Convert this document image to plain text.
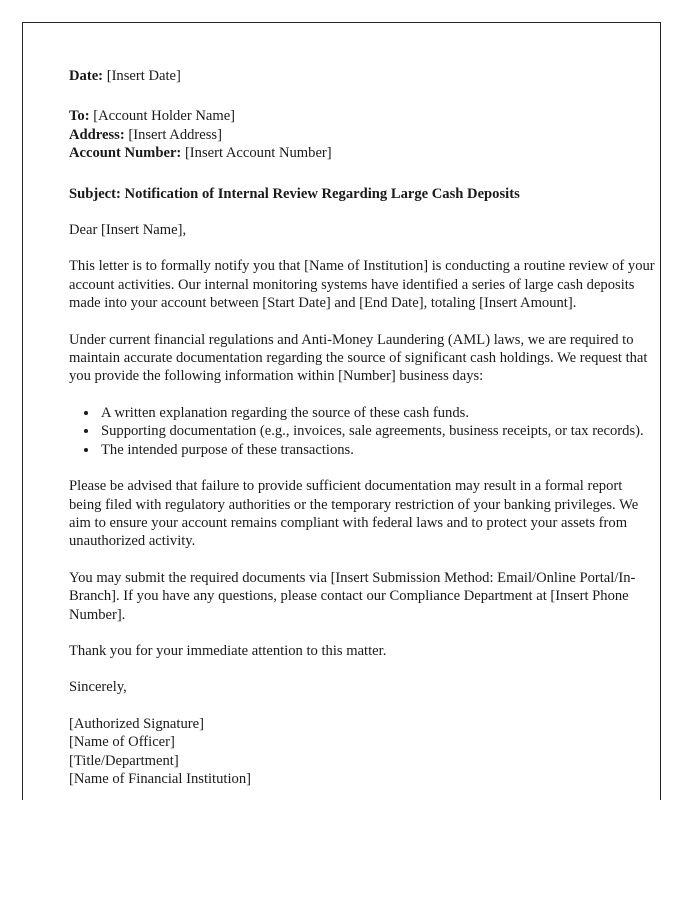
Date: [Insert Date]

To: [Account Holder Name]

Address: [Insert Address]

Account Number: [Insert Account Number]

Subject: Notification of Internal Review Regarding Large Cash Deposits

Dear [Insert Name],

This letter is to formally notify you that [Name of Institution] is conducting a routine review of your account activities. Our internal monitoring systems have identified a series of large cash deposits made into your account between [Start Date] and [End Date], totaling [Insert Amount].

Under current financial regulations and Anti-Money Laundering (AML) laws, we are required to maintain accurate documentation regarding the source of significant cash holdings. We request that you provide the following information within [Number] business days:

• A written explanation regarding the source of these cash funds.
• Supporting documentation (e.g., invoices, sale agreements, business receipts, or tax records).
• The intended purpose of these transactions.

Please be advised that failure to provide sufficient documentation may result in a formal report being filed with regulatory authorities or the temporary restriction of your banking privileges. We aim to ensure your account remains compliant with federal laws and to protect your assets from unauthorized activity.

You may submit the required documents via [Insert Submission Method: Email/Online Portal/In-Branch]. If you have any questions, please contact our Compliance Department at [Insert Phone Number].

Thank you for your immediate attention to this matter.

Sincerely,

[Authorized Signature]

[Name of Officer]

[Title/Department]

[Name of Financial Institution]
